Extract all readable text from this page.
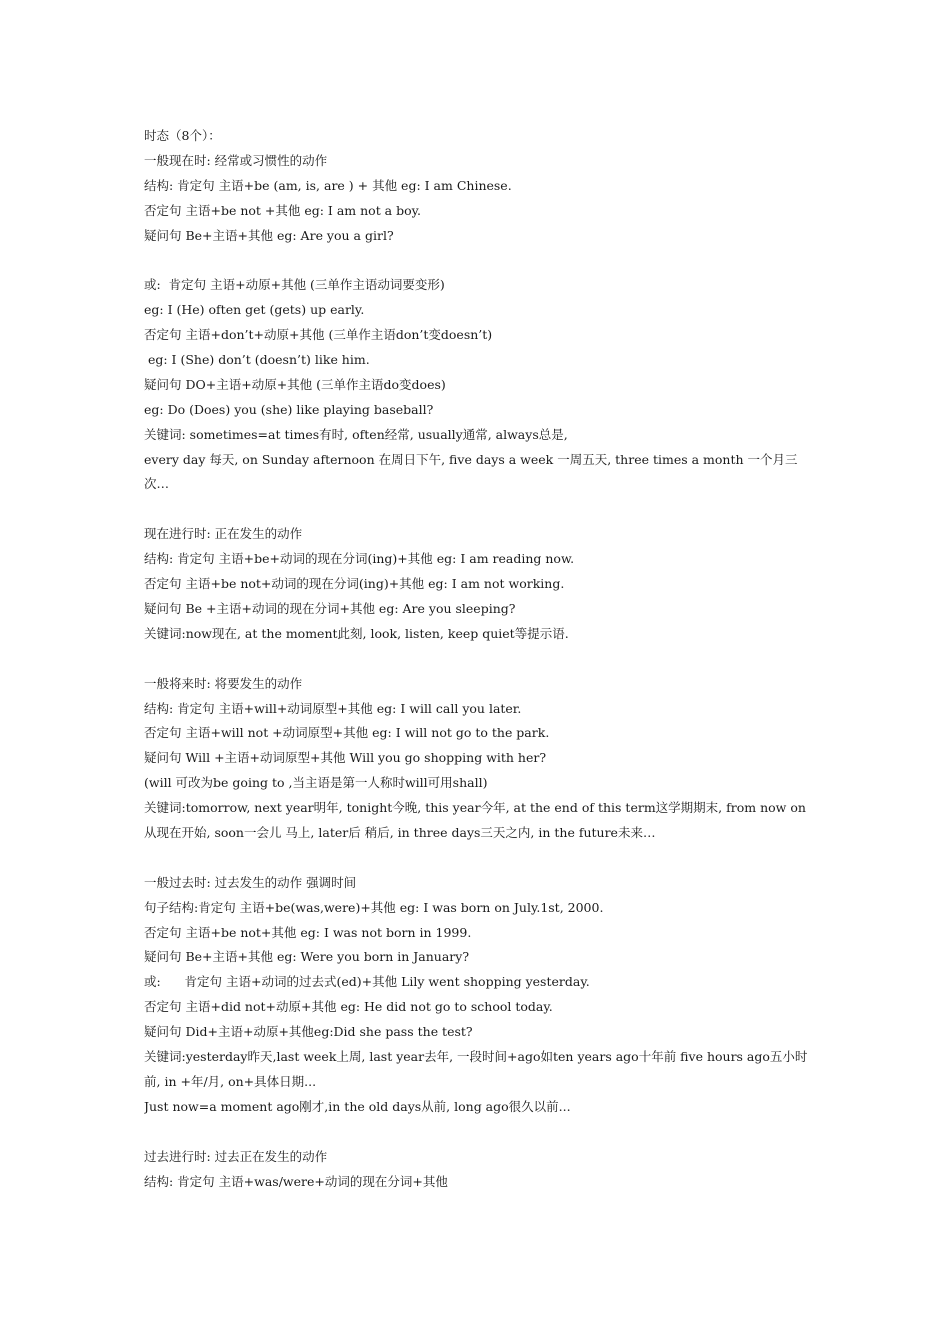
时态（8个）：
一般现在时: 经常或习惯性的动作
结构: 肯定句 主语+be (am, is, are ) + 其他 eg: I am Chinese.
否定句 主语+be not +其他 eg: I am not a boy.
疑问句 Be+主语+其他 eg: Are you a girl?
或:  肯定句 主语+动原+其他 (三单作主语动词要变形)
eg: I (He) often get (gets) up early.
否定句 主语+don’t+动原+其他 (三单作主语don’t变doesn’t)
eg: I (She) don’t (doesn’t) like him.
疑问句 DO+主语+动原+其他 (三单作主语do变does)
eg: Do (Does) you (she) like playing baseball?
关键词: sometimes=at times有时, often经常, usually通常, always总是,
every day 每天, on Sunday afternoon 在周日下午, five days a week 一周五天, three times a month 一个月三次…
现在进行时: 正在发生的动作
结构: 肯定句 主语+be+动词的现在分词(ing)+其他 eg: I am reading now.
否定句 主语+be not+动词的现在分词(ing)+其他 eg: I am not working.
疑问句 Be +主语+动词的现在分词+其他 eg: Are you sleeping?
关键词:now现在, at the moment此刻, look, listen, keep quiet等提示语.
一般将来时: 将要发生的动作
结构: 肯定句 主语+will+动词原型+其他 eg: I will call you later.
否定句 主语+will not +动词原型+其他 eg: I will not go to the park.
疑问句 Will +主语+动词原型+其他 Will you go shopping with her?
(will 可改为be going to ,当主语是第一人称时will可用shall)
关键词:tomorrow, next year明年, tonight今晚, this year今年, at the end of this term这学期期末, from now on从现在开始, soon一会儿 马上, later后 稍后, in three days三天之内, in the future未来…
一般过去时: 过去发生的动作 强调时间
句子结构:肯定句 主语+be(was,were)+其他 eg: I was born on July.1st, 2000.
否定句 主语+be not+其他 eg: I was not born in 1999.
疑问句 Be+主语+其他 eg: Were you born in January?
或:      肯定句 主语+动词的过去式(ed)+其他 Lily went shopping yesterday.
否定句 主语+did not+动原+其他 eg: He did not go to school today.
疑问句 Did+主语+动原+其他eg:Did she pass the test?
关键词:yesterday昨天,last week上周, last year去年, 一段时间+ago如ten years ago十年前 five hours ago五小时前, in +年/月, on+具体日期...
Just now=a moment ago刚才,in the old days从前, long ago很久以前...
过去进行时: 过去正在发生的动作
结构: 肯定句 主语+was/were+动词的现在分词+其他
